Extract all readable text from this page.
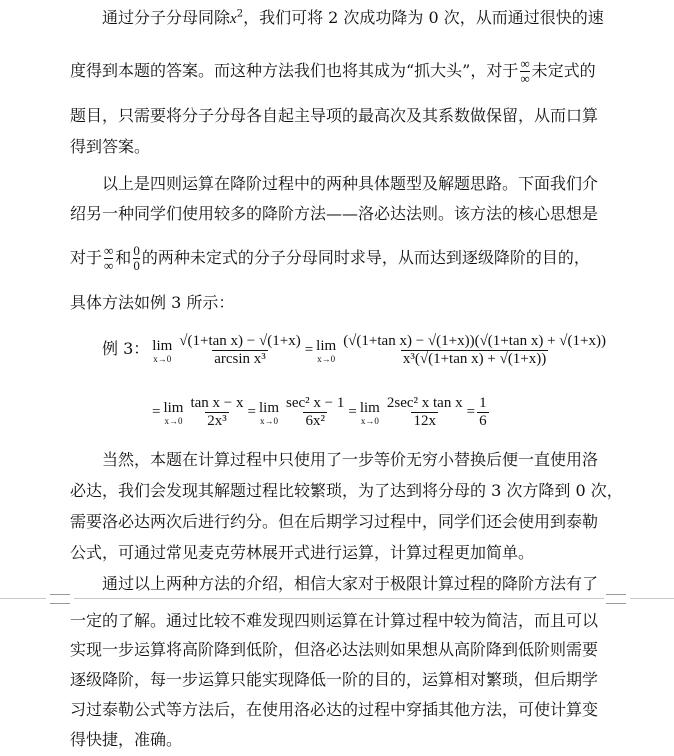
通过分子分母同除$x^2$，我们可将 2 次成功降为 0 次，从而通过很快的速
度得到本题的答案。而这种方法我们也将其成为“抓大头”，对于 $\frac{\infty}{\infty}$ 未定式的
题目，只需要将分子分母各自起主导项的最高次及其系数做保留，从而口算
得到答案。
以上是四则运算在降阶过程中的两种具体题型及解题思路。下面我们介
绍另一种同学们使用较多的降阶方法——洛必达法则。该方法的核心思想是
对于 $\frac{\infty}{\infty}$ 和 $\frac{0}{0}$ 的两种未定式的分子分母同时求导，从而达到逐级降阶的目的，
具体方法如例 3 所示：
例 3： lim
$x\to 0 \frac{\text{√(1+tan x) − √(1+x)}}{\text{arcsin x³}} = \lim$
$x\to 0 \frac{\text{(√(1+tan x) − √(1+x))(√(1+tan x) + √(1+x))}}{\text{x³(√(1+tan x) + √(1+x))}}$
= lim
$x\to 0 \frac{\text{tan x − x}}{\text{2x³}} = \lim$
$x\to 0 \frac{\text{sec² x − 1}}{\text{6x²}} = \lim$
$x\to 0 \frac{\text{2sec² x tan x}}{12x} = \frac{1}{6}$
当然，本题在计算过程中只使用了一步等价无穷小替换后便一直使用洛
必达，我们会发现其解题过程比较繁琐，为了达到将分母的 3 次方降到 0 次，
需要洛必达两次后进行约分。但在后期学习过程中，同学们还会使用到泰勒
公式，可通过常见麦克劳林展开式进行运算，计算过程更加简单。
通过以上两种方法的介绍，相信大家对于极限计算过程的降阶方法有了
一定的了解。通过比较不难发现四则运算在计算过程中较为简洁，而且可以
实现一步运算将高阶降到低阶，但洛必达法则如果想从高阶降到低阶则需要
逐级降阶，每一步运算只能实现降低一阶的目的，运算相对繁琐，但后期学
习过泰勒公式等方法后，在使用洛必达的过程中穿插其他方法，可使计算变
得快捷，准确。
